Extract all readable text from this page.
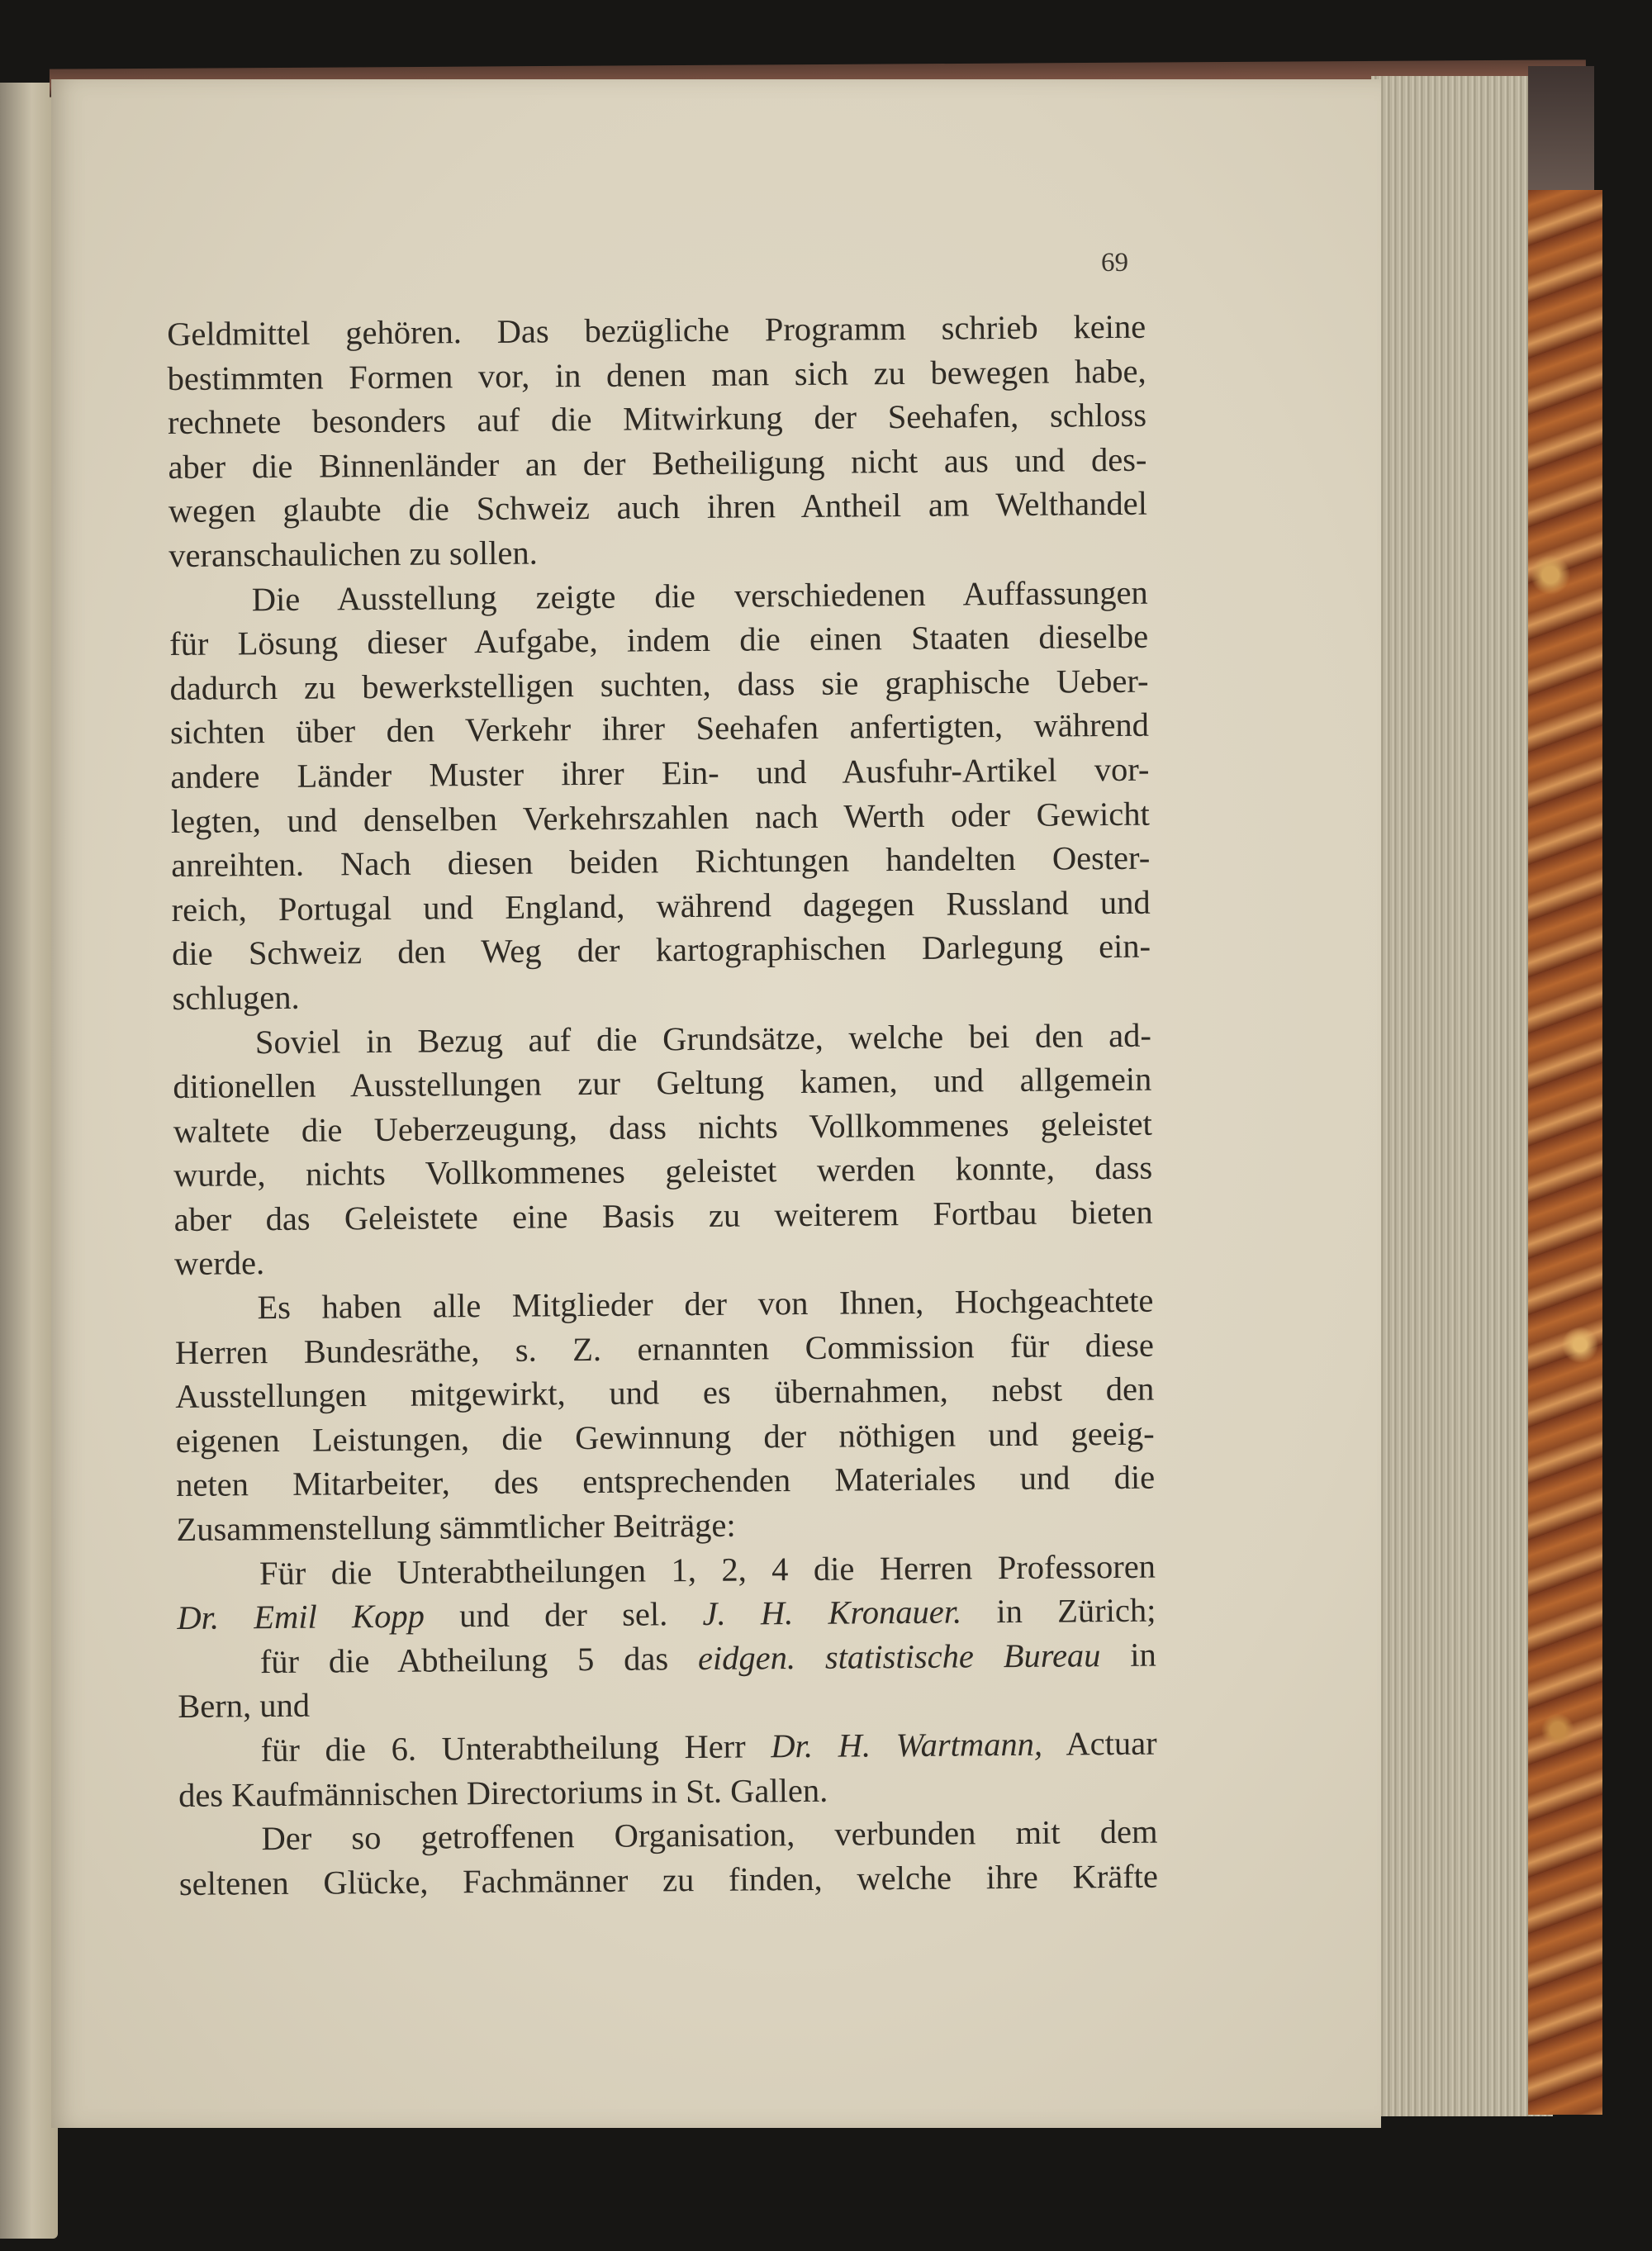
69

Geldmittel gehören. Das bezügliche Programm schrieb keine

bestimmten Formen vor, in denen man sich zu bewegen habe,

rechnete besonders auf die Mitwirkung der Seehafen, schloss

aber die Binnenländer an der Betheiligung nicht aus und des-

wegen glaubte die Schweiz auch ihren Antheil am Welthandel

veranschaulichen zu sollen.

Die Ausstellung zeigte die verschiedenen Auffassungen

für Lösung dieser Aufgabe, indem die einen Staaten dieselbe

dadurch zu bewerkstelligen suchten, dass sie graphische Ueber-

sichten über den Verkehr ihrer Seehafen anfertigten, während

andere Länder Muster ihrer Ein- und Ausfuhr-Artikel vor-

legten, und denselben Verkehrszahlen nach Werth oder Gewicht

anreihten. Nach diesen beiden Richtungen handelten Oester-

reich, Portugal und England, während dagegen Russland und

die Schweiz den Weg der kartographischen Darlegung ein-

schlugen.

Soviel in Bezug auf die Grundsätze, welche bei den ad-

ditionellen Ausstellungen zur Geltung kamen, und allgemein

waltete die Ueberzeugung, dass nichts Vollkommenes geleistet

wurde, nichts Vollkommenes geleistet werden konnte, dass

aber das Geleistete eine Basis zu weiterem Fortbau bieten

werde.

Es haben alle Mitglieder der von Ihnen, Hochgeachtete

Herren Bundesräthe, s. Z. ernannten Commission für diese

Ausstellungen mitgewirkt, und es übernahmen, nebst den

eigenen Leistungen, die Gewinnung der nöthigen und geeig-

neten Mitarbeiter, des entsprechenden Materiales und die

Zusammenstellung sämmtlicher Beiträge:

Für die Unterabtheilungen 1, 2, 4 die Herren Professoren

Dr. Emil Kopp und der sel. J. H. Kronauer. in Zürich;

für die Abtheilung 5 das eidgen. statistische Bureau in

Bern, und

für die 6. Unterabtheilung Herr Dr. H. Wartmann, Actuar

des Kaufmännischen Directoriums in St. Gallen.

Der so getroffenen Organisation, verbunden mit dem

seltenen Glücke, Fachmänner zu finden, welche ihre Kräfte
